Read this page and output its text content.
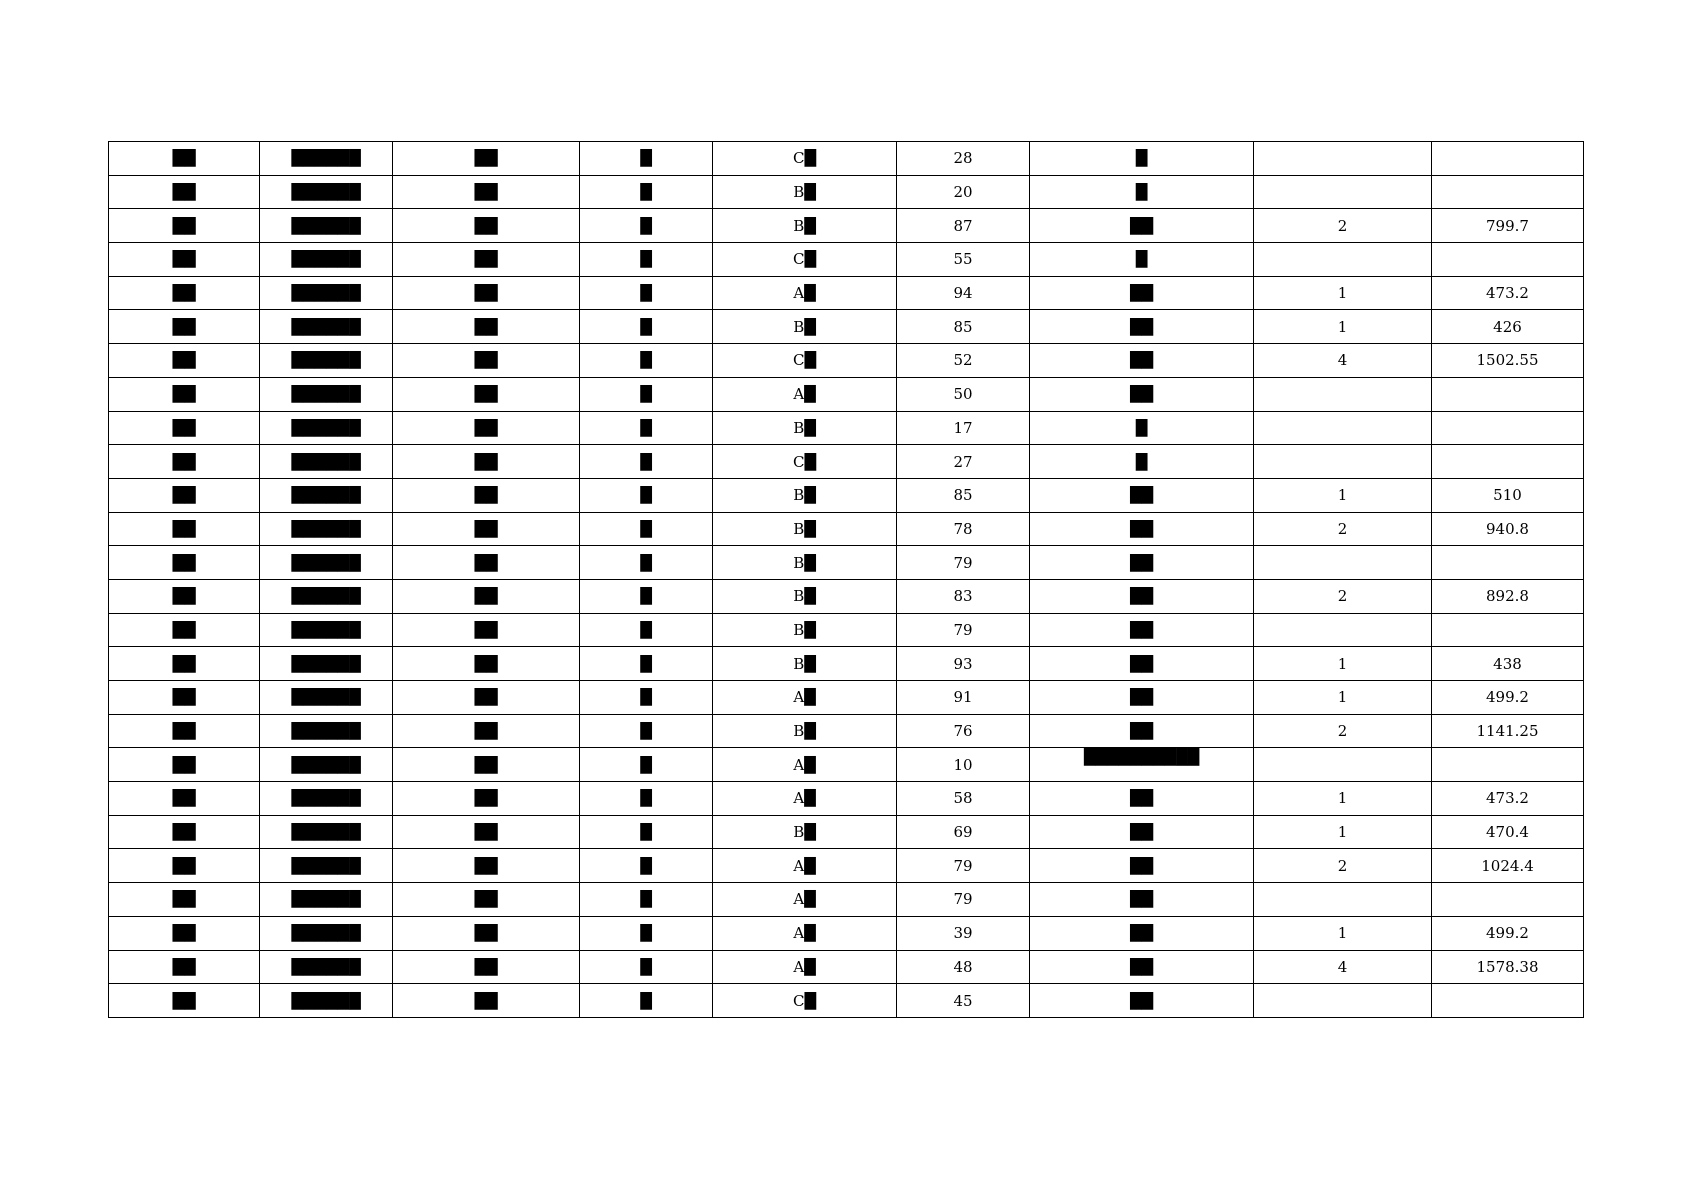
██	██████	██	█	C█	28	█		
██	██████	██	█	B█	20	█		
██	██████	██	█	B█	87	██	2	799.7
██	██████	██	█	C█	55	█		
██	██████	██	█	A█	94	██	1	473.2
██	██████	██	█	B█	85	██	1	426
██	██████	██	█	C█	52	██	4	1502.55
██	██████	██	█	A█	50	██		
██	██████	██	█	B█	17	█		
██	██████	██	█	C█	27	█		
██	██████	██	█	B█	85	██	1	510
██	██████	██	█	B█	78	██	2	940.8
██	██████	██	█	B█	79	██		
██	██████	██	█	B█	83	██	2	892.8
██	██████	██	█	B█	79	██		
██	██████	██	█	B█	93	██	1	438
██	██████	██	█	A█	91	██	1	499.2
██	██████	██	█	B█	76	██	2	1141.25
██	██████	██	█	A█	10	██████████		

██	██████	██	█	A█	58	██	1	473.2
██	██████	██	█	B█	69	██	1	470.4
██	██████	██	█	A█	79	██	2	1024.4
██	██████	██	█	A█	79	██		
██	██████	██	█	A█	39	██	1	499.2
██	██████	██	█	A█	48	██	4	1578.38
██	██████	██	█	C█	45	██		
